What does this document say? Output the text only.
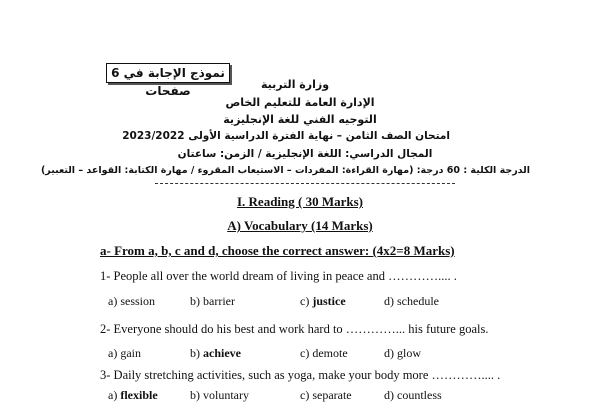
نموذج الإجابة في 6 صفحات	وزارة التربية
الإدارة العامة للتعليم الخاص
التوجيه الفني للغة الإنجليزية
امتحان الصف الثامن – نهاية الفترة الدراسية الأولى 2023/2022
المجال الدراسي: اللغة الإنجليزية / الزمن: ساعتان
الدرجة الكلية : 60 درجة: (مهارة القراءة: المفردات – الاستيعاب المقروء / مهارة الكتابة: القواعد – التعبير)
I. Reading ( 30 Marks)
A) Vocabulary (14 Marks)
a- From a, b, c and d, choose the correct answer: (4x2=8 Marks)
1- People all over the world dream of living in peace and ………….... .
a) session	b) barrier	c) justice	d) schedule
2- Everyone should do his best and work hard to …………... his future goals.
a) gain	b) achieve	c) demote	d) glow
3- Daily stretching activities, such as yoga, make your body more ………….... .
a) flexible	b) voluntary	c) separate	d) countless
